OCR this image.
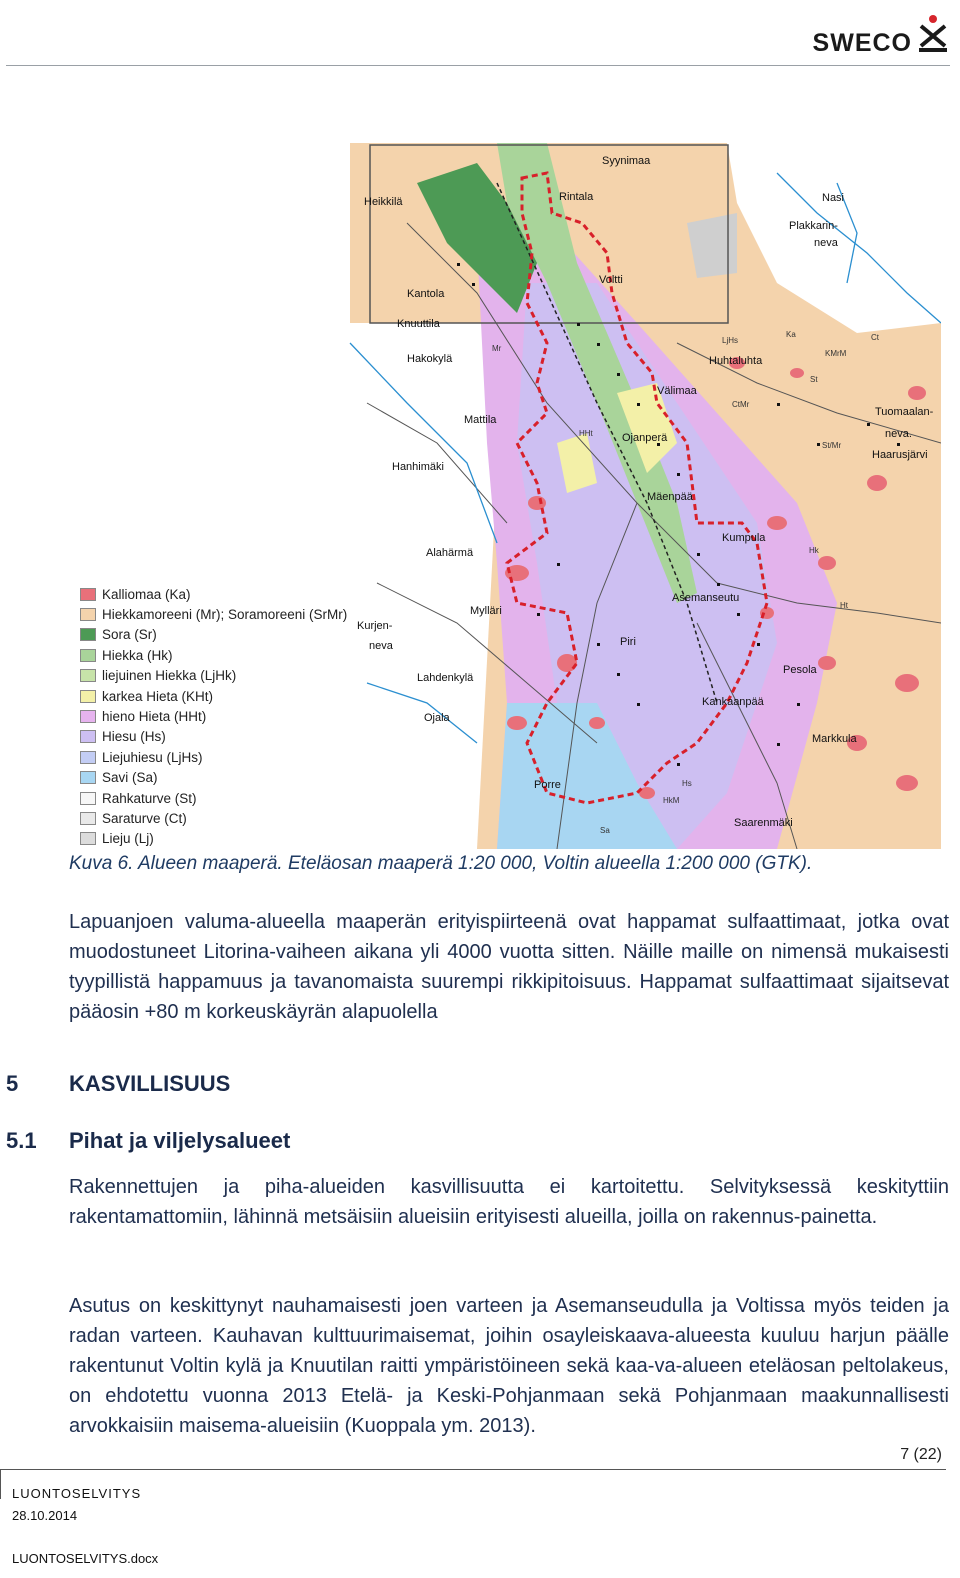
SWECO
Syynimaa
Heikkilä	Rintala	Nasi
Plakkarin-
neva
Kantola
Voltti
Knuuttila
Hakokylä	Huhtaluhta
Välimaa
Mattila
Ojanperä
Tuomaalan-
neva.
Haarusjärvi
Hanhimäki
Mäenpää
Kumpula
Alahärmä
Asemanseutu
Mylläri
Kurjen-
neva	Piri
Pesola
Lahdenkylä
Kankaanpää
Ojala
Markkula
Porre
Saarenmäki
Mr
Ka
KMrM
HHt
Hs
St
Ct
Sa
Hk
HkM
Ht
LjHs
St/Mr
CtMr
Kalliomaa (Ka)
Hiekkamoreeni (Mr); Soramoreeni (SrMr)
Sora (Sr)
Hiekka (Hk)
liejuinen Hiekka (LjHk)
karkea Hieta (KHt)
hieno Hieta (HHt)
Hiesu (Hs)
Liejuhiesu (LjHs)
Savi (Sa)
Rahkaturve (St)
Saraturve (Ct)
Lieju (Lj)
Kuva 6. Alueen maaperä. Eteläosan maaperä 1:20 000, Voltin alueella 1:200 000 (GTK).
Lapuanjoen valuma-alueella maaperän erityispiirteenä ovat happamat sulfaattimaat, jotka ovat muodostuneet Litorina-vaiheen aikana yli 4000 vuotta sitten. Näille maille on nimensä mukaisesti tyypillistä happamuus ja tavanomaista suurempi rikkipitoisuus. Happamat sulfaattimaat sijaitsevat pääosin +80 m korkeuskäyrän alapuolella
5 KASVILLISUUS
5.1 Pihat ja viljelysalueet
Rakennettujen ja piha-alueiden kasvillisuutta ei kartoitettu. Selvityksessä keskityttiin rakentamattomiin, lähinnä metsäisiin alueisiin erityisesti alueilla, joilla on rakennus-painetta.
Asutus on keskittynyt nauhamaisesti joen varteen ja Asemanseudulla ja Voltissa myös teiden ja radan varteen. Kauhavan kulttuurimaisemat, joihin osayleiskaava-alueesta kuuluu harjun päälle rakentunut Voltin kylä ja Knuutilan raitti ympäristöineen sekä kaa-va-alueen eteläosan peltolakeus, on ehdotettu vuonna 2013 Etelä- ja Keski-Pohjanmaan sekä Pohjanmaan maakunnallisesti arvokkaisiin maisema-alueisiin (Kuoppala ym. 2013).
7 (22)
LUONTOSELVITYS
28.10.2014
LUONTOSELVITYS.docx
